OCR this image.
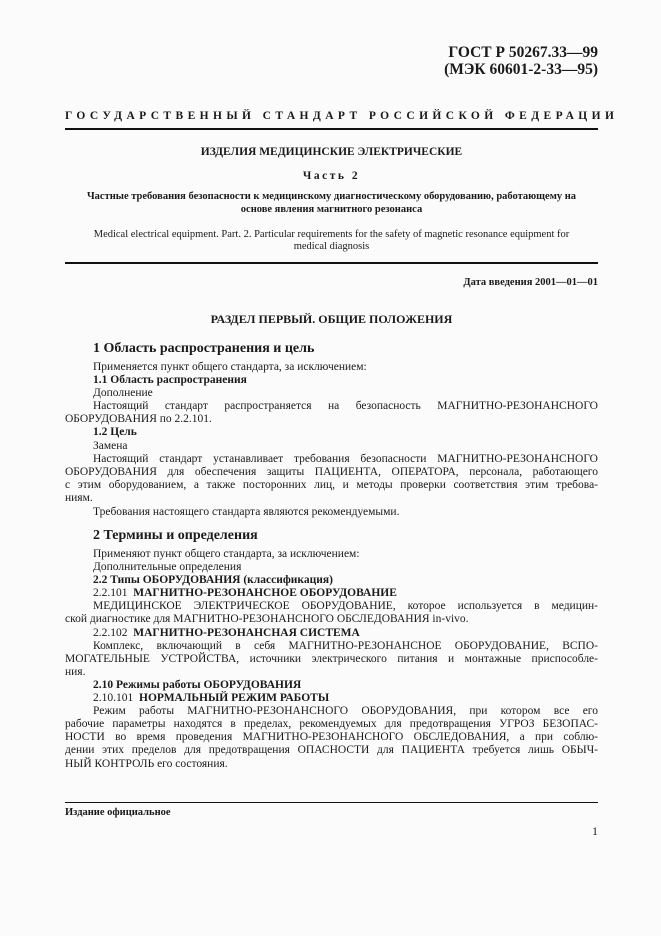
ГОСТ Р 50267.33—99
(МЭК 60601-2-33—95)
ГОСУДАРСТВЕННЫЙ СТАНДАРТ РОССИЙСКОЙ ФЕДЕРАЦИИ
ИЗДЕЛИЯ МЕДИЦИНСКИЕ ЭЛЕКТРИЧЕСКИЕ
Часть 2
Частные требования безопасности к медицинскому диагностическому оборудованию, работающему на
основе явления магнитного резонанса
Medical electrical equipment. Part. 2. Particular requirements for the safety of magnetic resonance equipment for
medical diagnosis
Дата введения 2001—01—01
РАЗДЕЛ ПЕРВЫЙ. ОБЩИЕ ПОЛОЖЕНИЯ
1 Область распространения и цель
Применяется пункт общего стандарта, за исключением:
1.1 Область распространения
Дополнение
Настоящий стандарт распространяется на безопасность МАГНИТНО-РЕЗОНАНСНОГО
ОБОРУДОВАНИЯ по 2.2.101.
1.2 Цель
Замена
Настоящий стандарт устанавливает требования безопасности МАГНИТНО-РЕЗОНАНСНОГО
ОБОРУДОВАНИЯ для обеспечения защиты ПАЦИЕНТА, ОПЕРАТОРА, персонала, работающего
с этим оборудованием, а также посторонних лиц, и методы проверки соответствия этим требова-
ниям.
Требования настоящего стандарта являются рекомендуемыми.
2 Термины и определения
Применяют пункт общего стандарта, за исключением:
Дополнительные определения
2.2 Типы ОБОРУДОВАНИЯ (классификация)
2.2.101 МАГНИТНО-РЕЗОНАНСНОЕ ОБОРУДОВАНИЕ
МЕДИЦИНСКОЕ ЭЛЕКТРИЧЕСКОЕ ОБОРУДОВАНИЕ, которое используется в медицин-
ской диагностике для МАГНИТНО-РЕЗОНАНСНОГО ОБСЛЕДОВАНИЯ in-vivo.
2.2.102 МАГНИТНО-РЕЗОНАНСНАЯ СИСТЕМА
Комплекс, включающий в себя МАГНИТНО-РЕЗОНАНСНОЕ ОБОРУДОВАНИЕ, ВСПО-
МОГАТЕЛЬНЫЕ УСТРОЙСТВА, источники электрического питания и монтажные приспособле-
ния.
2.10 Режимы работы ОБОРУДОВАНИЯ
2.10.101 НОРМАЛЬНЫЙ РЕЖИМ РАБОТЫ
Режим работы МАГНИТНО-РЕЗОНАНСНОГО ОБОРУДОВАНИЯ, при котором все его
рабочие параметры находятся в пределах, рекомендуемых для предотвращения УГРОЗ БЕЗОПАС-
НОСТИ во время проведения МАГНИТНО-РЕЗОНАНСНОГО ОБСЛЕДОВАНИЯ, а при соблю-
дении этих пределов для предотвращения ОПАСНОСТИ для ПАЦИЕНТА требуется лишь ОБЫЧ-
НЫЙ КОНТРОЛЬ его состояния.
Издание официальное
1
